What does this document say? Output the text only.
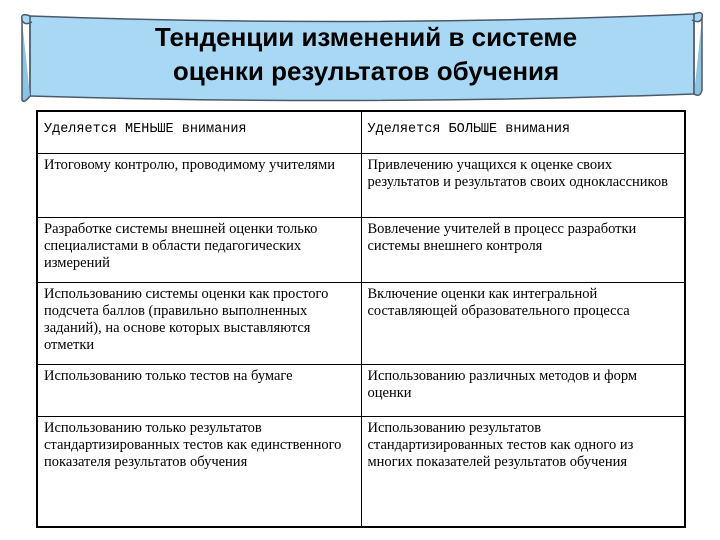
Тенденции изменений в системе
оценки результатов обучения
Уделяется МЕНЬШЕ внимания	Уделяется БОЛЬШЕ внимания
Итоговому контролю, проводимому учителями	Привлечению учащихся к оценке своих результатов и результатов своих одноклассников
Разработке системы внешней оценки только специалистами в области педагогических измерений	Вовлечение учителей в процесс разработки системы внешнего контроля
Использованию системы оценки как простого подсчета баллов (правильно выполненных заданий), на основе которых выставляются отметки	Включение оценки как интегральной составляющей образовательного процесса
Использованию только тестов на бумаге	Использованию различных методов и форм оценки
Использованию только результатов стандартизированных тестов как единственного показателя результатов обучения	Использованию результатов стандартизированных тестов как одного из многих показателей результатов обучения
